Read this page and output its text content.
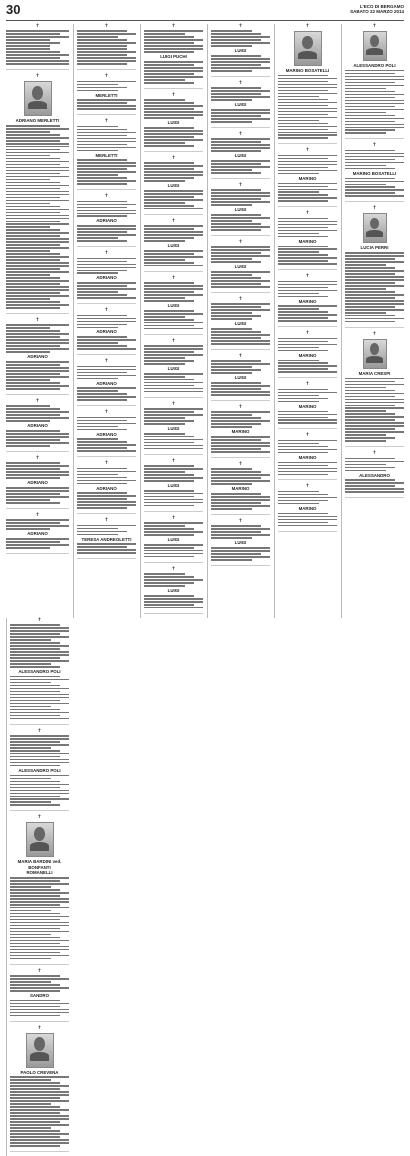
30	L'ECO DI BERGAMO
SABATO 22 MARZO 2014
✝
✝
ADRIANO MERLETTI
✝
ADRIANO
✝
ADRIANO
✝
ADRIANO
✝
ADRIANO
✝
✝
MERLETTI
✝
MERLETTI
✝
ADRIANO
✝
ADRIANO
✝
ADRIANO
✝
ADRIANO
✝
ADRIANO
✝
ADRIANO
✝
TERESA ANDREOLETTI
✝
LUIGI PUCHI
✝
LUIGI
✝
LUIGI
✝
LUIGI
✝
LUIGI
✝
LUIGI
✝
LUIGI
✝
LUIGI
✝
LUIGI
✝
LUIGI
✝
LUIGI
✝
LUIGI
✝
LUIGI
✝
LUIGI
✝
LUIGI
✝
LUIGI
✝
LUIGI
✝
MARINO
✝
MARINO
✝
LUIGI
✝
MARINO BOSATELLI
✝
MARINO
✝
MARINO
✝
MARINO
✝
MARINO
✝
MARINO
✝
MARINO
✝
MARINO
✝
ALESSANDRO POLI
✝
MARINO BOSATELLI
✝
LUCIA PERRI
✝
MARIA CRESPI
✝
ALESSANDRO
✝
ALESSANDRO POLI
✝
ALESSANDRO POLI
✝
MARIA BARDINI ved. BONFANTI
ROMANELLI
✝
SANDRO
✝
PAOLO CREVENA
